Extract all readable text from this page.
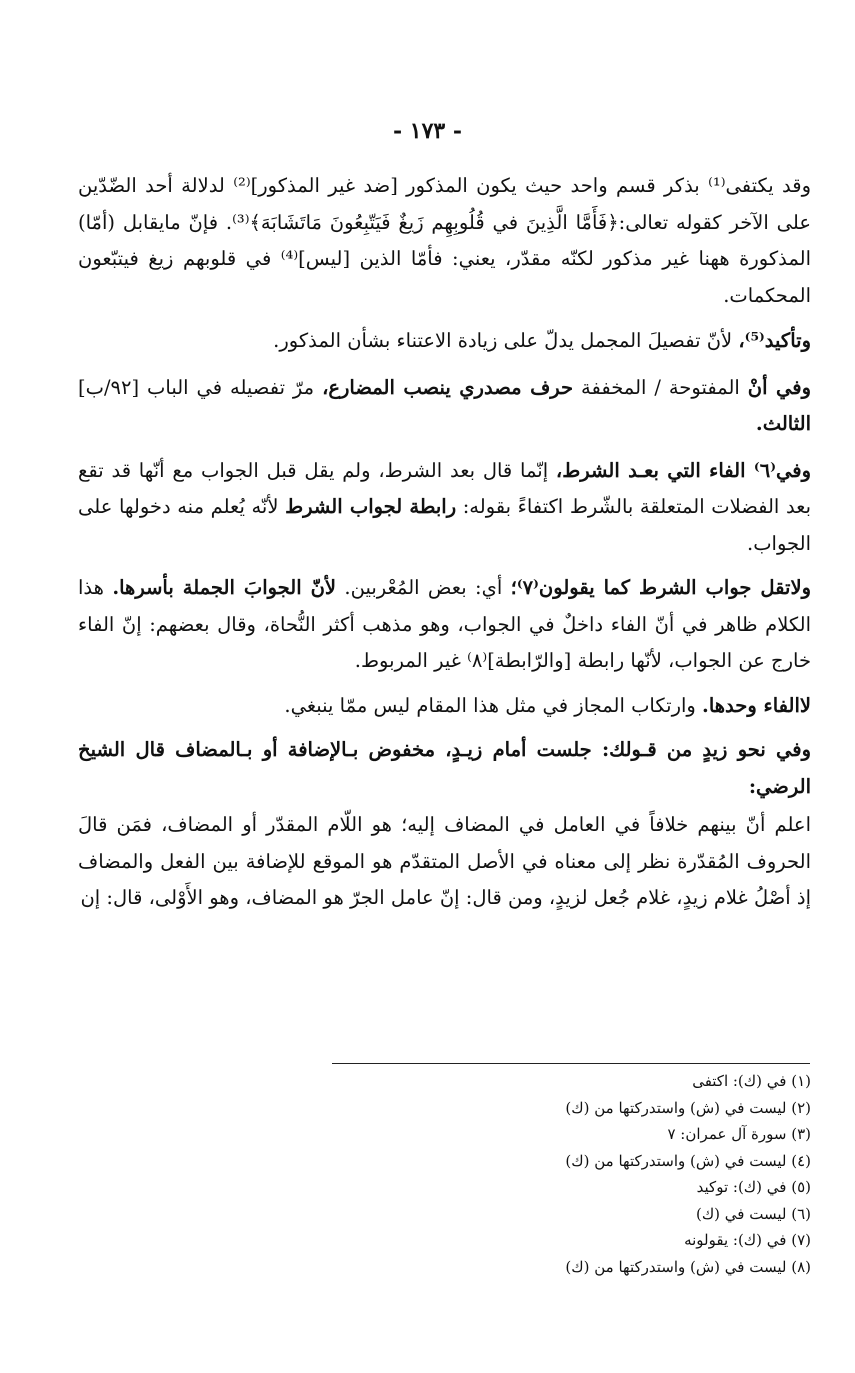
- ١٧٣ -

وقد يكتفى⁽¹⁾ بذكر قسم واحد حيث يكون المذكور [ضد غير المذكور]⁽²⁾ لدلالة أحد الضّدّين على الآخر كقوله تعالى:﴿فَأَمَّا الَّذِينَ في قُلُوبِهِم زَيغٌ فَيَتّبِعُونَ مَاتَشَابَهَ﴾⁽³⁾. فإنّ مايقابل (أمّا) المذكورة ههنا غير مذكور لكنّه مقدّر، يعني: فأمّا الذين [ليس]⁽⁴⁾ في قلوبهم زيغ فيتبّعون المحكمات.

وتأكيد⁽⁵⁾، لأنّ تفصيلَ المجمل يدلّ على زيادة الاعتناء بشأن المذكور.

وفي أنْ المفتوحة / المخففة حرف مصدري ينصب المضارع، مرّ تفصيله في الباب [٩٢/ب] الثالث.

وفي⁽٦⁾ الفاء التي بعـد الشرط، إنّما قال بعد الشرط، ولم يقل قبل الجواب مع أنّها قد تقع بعد الفضلات المتعلقة بالشّرط اكتفاءً بقوله: رابطة لجواب الشرط لأنّه يُعلم منه دخولها على الجواب.

ولاتقل جواب الشرط كما يقولون⁽٧⁾؛ أي: بعض المُعْربين. لأنّ الجوابَ الجملة بأسرها. هذا الكلام ظاهر في أنّ الفاء داخلٌ في الجواب، وهو مذهب أكثر النُّحاة، وقال بعضهم: إنّ الفاء خارج عن الجواب، لأنّها رابطة [والرّابطة]⁽٨⁾ غير المربوط.

لاالفاء وحدها. وارتكاب المجاز في مثل هذا المقام ليس ممّا ينبغي.

وفي نحو زيدٍ من قـولك: جلست أمام زيـدٍ، مخفوض بـالإضافة أو بـالمضاف قال الشيخ الرضي:

اعلم أنّ بينهم خلافاً في العامل في المضاف إليه؛ هو اللّام المقدّر أو المضاف، فمَن قالَ الحروف المُقدّرة نظر إلى معناه في الأصل المتقدّم هو الموقع للإضافة بين الفعل والمضاف إذ أصْلُ غلام زيدٍ، غلام جُعل لزيدٍ، ومن قال: إنّ عامل الجرّ هو المضاف، وهو الأَوْلى، قال: إن

(١) في (ك): اكتفى

(٢) ليست في (ش) واستدركتها من (ك)

(٣) سورة آل عمران: ٧

(٤) ليست في (ش) واستدركتها من (ك)

(٥) في (ك): توكيد

(٦) ليست في (ك)

(٧) في (ك): يقولونه

(٨) ليست في (ش) واستدركتها من (ك)
